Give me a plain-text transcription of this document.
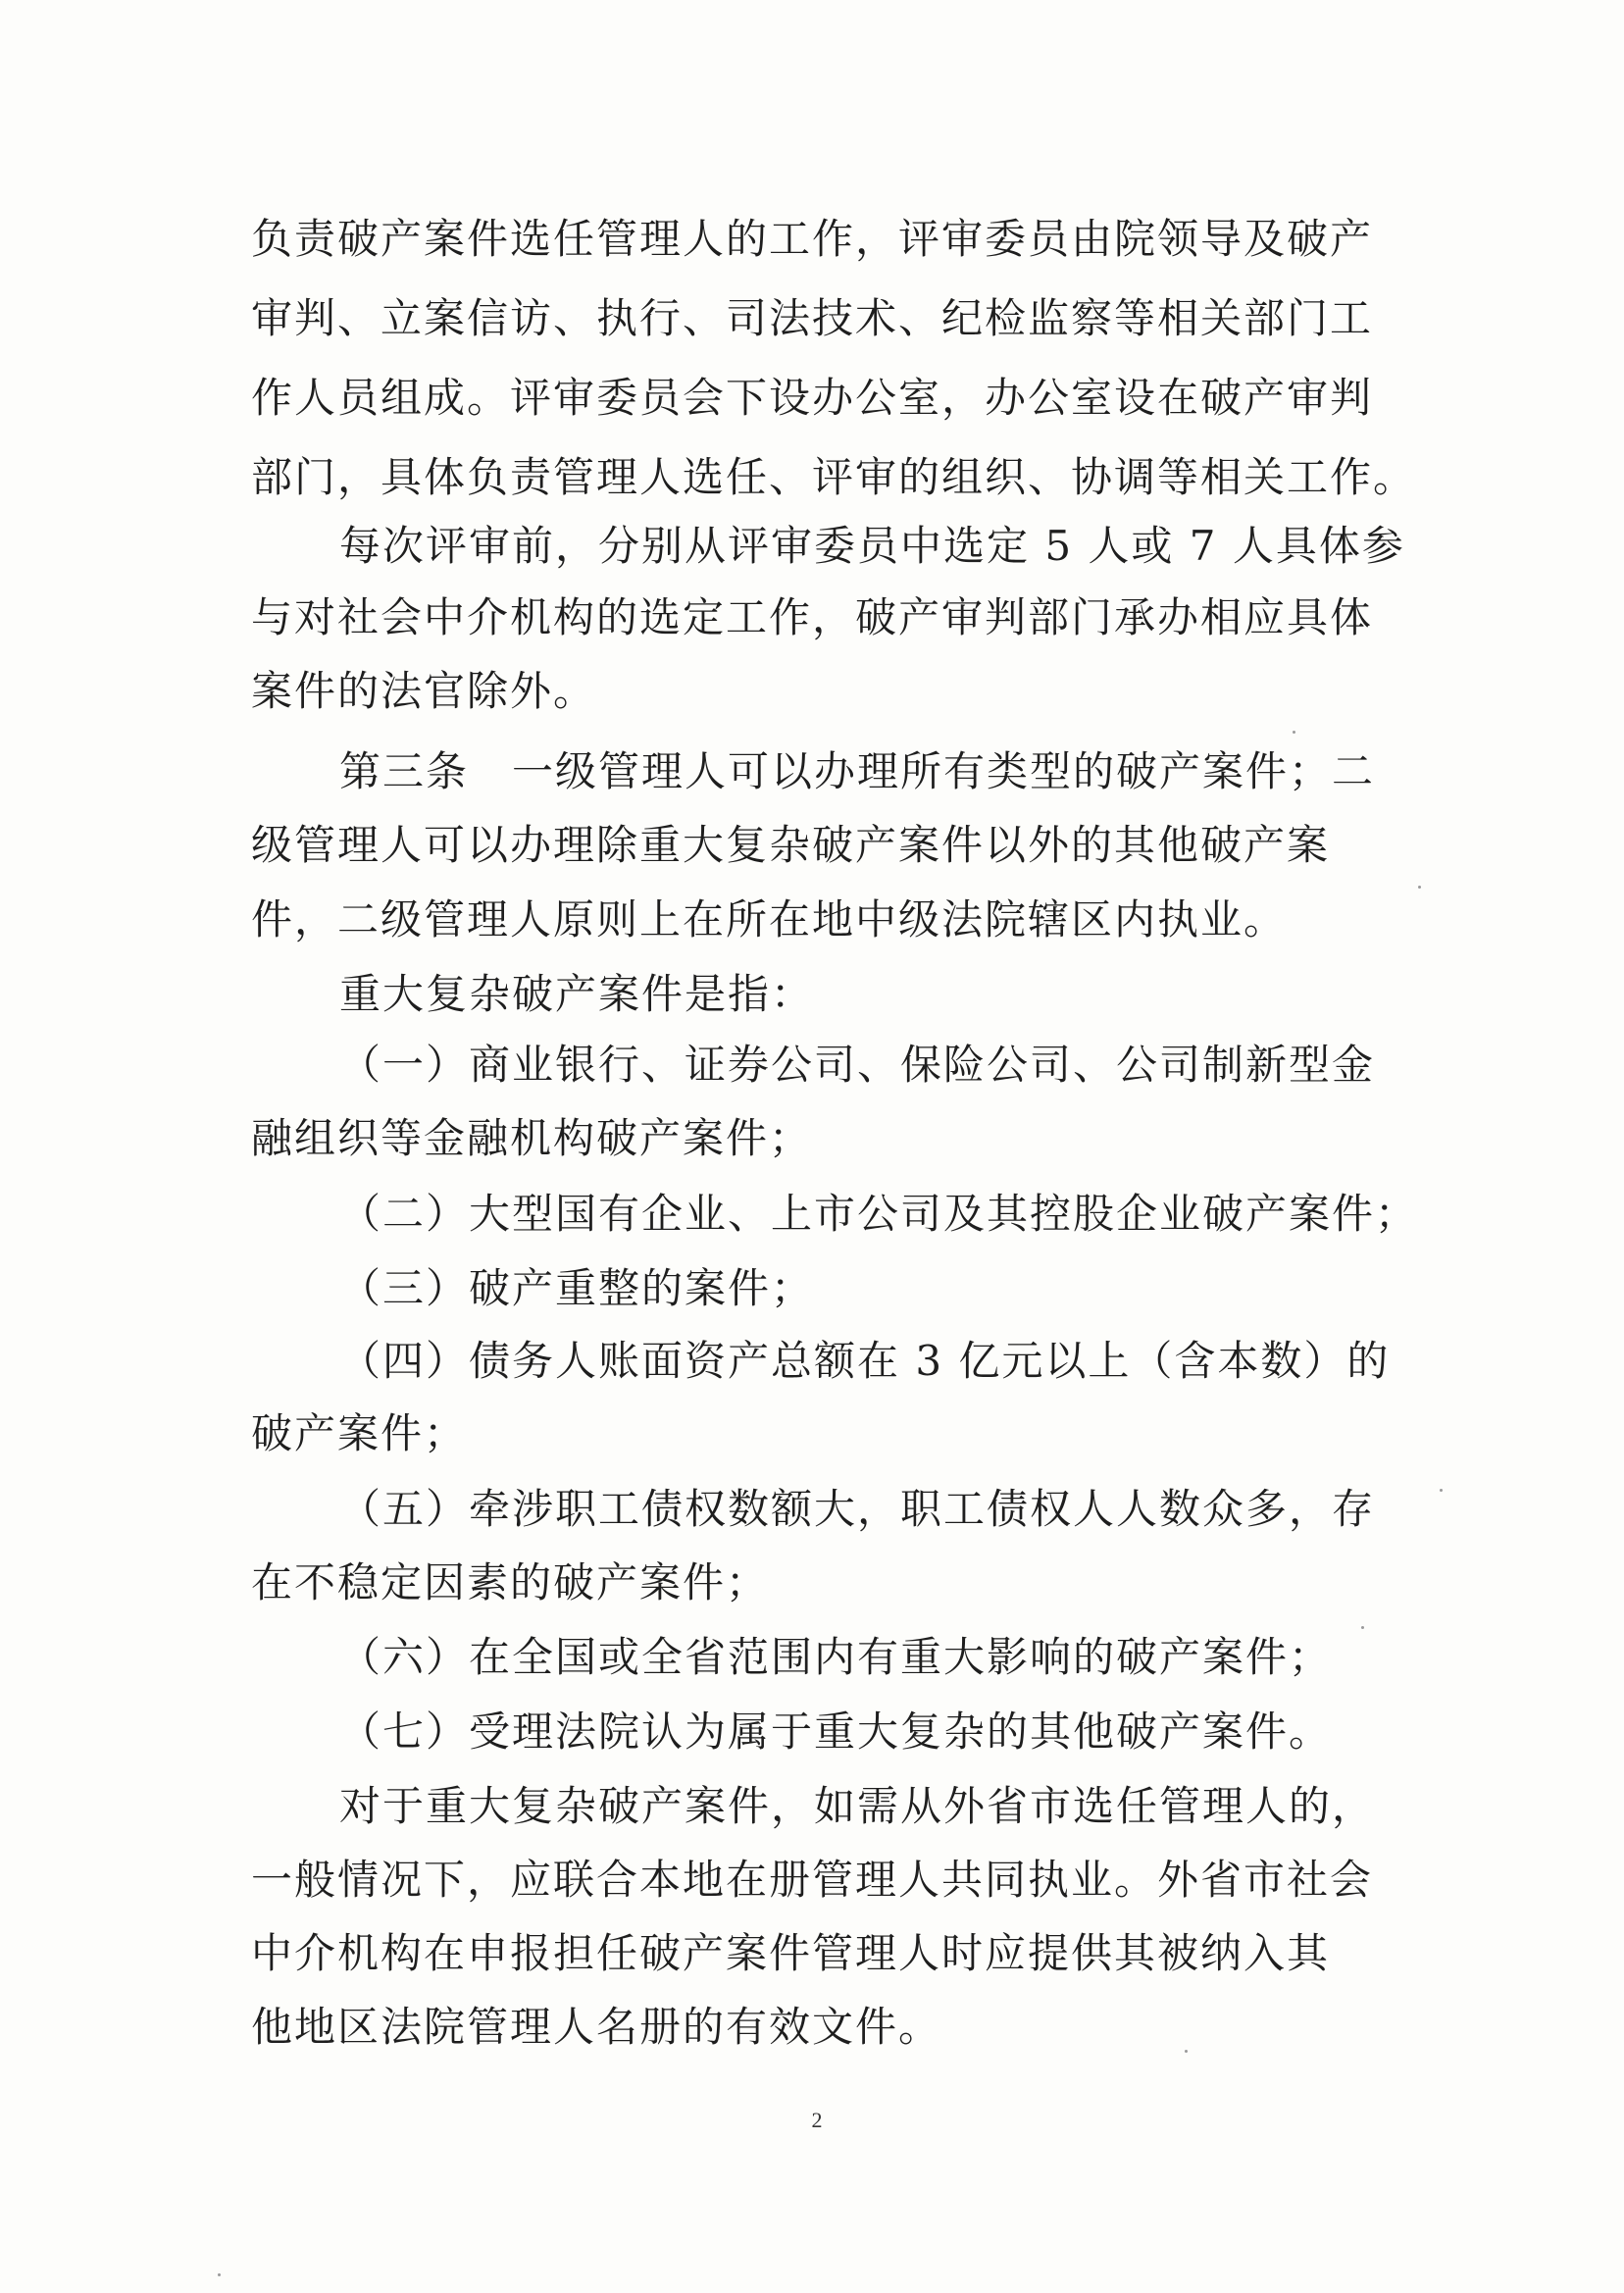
负责破产案件选任管理人的工作，评审委员由院领导及破产
审判、立案信访、执行、司法技术、纪检监察等相关部门工
作人员组成。评审委员会下设办公室，办公室设在破产审判
部门，具体负责管理人选任、评审的组织、协调等相关工作。
每次评审前，分别从评审委员中选定 5 人或 7 人具体参
与对社会中介机构的选定工作，破产审判部门承办相应具体
案件的法官除外。
第三条　一级管理人可以办理所有类型的破产案件；二
级管理人可以办理除重大复杂破产案件以外的其他破产案
件，二级管理人原则上在所在地中级法院辖区内执业。
重大复杂破产案件是指：
（一）商业银行、证券公司、保险公司、公司制新型金
融组织等金融机构破产案件；
（二）大型国有企业、上市公司及其控股企业破产案件；
（三）破产重整的案件；
（四）债务人账面资产总额在 3 亿元以上（含本数）的
破产案件；
（五）牵涉职工债权数额大，职工债权人人数众多，存
在不稳定因素的破产案件；
（六）在全国或全省范围内有重大影响的破产案件；
（七）受理法院认为属于重大复杂的其他破产案件。
对于重大复杂破产案件，如需从外省市选任管理人的，
一般情况下，应联合本地在册管理人共同执业。外省市社会
中介机构在申报担任破产案件管理人时应提供其被纳入其
他地区法院管理人名册的有效文件。
2
